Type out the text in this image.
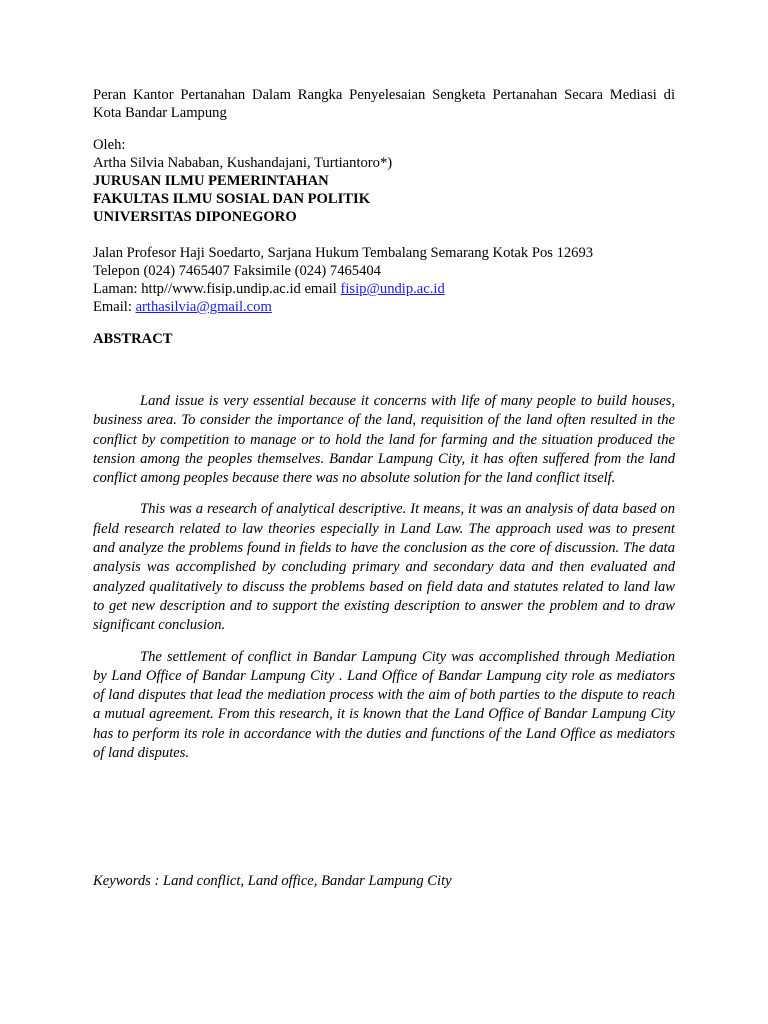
Peran Kantor Pertanahan Dalam Rangka Penyelesaian Sengketa Pertanahan Secara Mediasi di Kota Bandar Lampung

Oleh:
Artha Silvia Nababan, Kushandajani, Turtiantoro*)
JURUSAN ILMU PEMERINTAHAN
FAKULTAS ILMU SOSIAL DAN POLITIK
UNIVERSITAS DIPONEGORO
Jalan Profesor Haji Soedarto, Sarjana Hukum Tembalang Semarang Kotak Pos 12693
Telepon (024) 7465407 Faksimile (024) 7465404
Laman: http//www.fisip.undip.ac.id email fisip@undip.ac.id
Email: arthasilvia@gmail.com
ABSTRACT

Land issue is very essential because it concerns with life of many people to build houses, business area. To consider the importance of the land, requisition of the land often resulted in the conflict by competition to manage or to hold the land for farming and the situation produced the tension among the peoples themselves. Bandar Lampung City, it has often suffered from the land conflict among peoples because there was no absolute solution for the land conflict itself.

This was a research of analytical descriptive. It means, it was an analysis of data based on field research related to law theories especially in Land Law. The approach used was to present and analyze the problems found in fields to have the conclusion as the core of discussion. The data analysis was accomplished by concluding primary and secondary data and then evaluated and analyzed qualitatively to discuss the problems based on field data and statutes related to land law to get new description and to support the existing description to answer the problem and to draw significant conclusion.

The settlement of conflict in Bandar Lampung City was accomplished through Mediation by Land Office of Bandar Lampung City . Land Office of Bandar Lampung city role as mediators of land disputes that lead the mediation process with the aim of both parties to the dispute to reach a mutual agreement. From this research, it is known that the Land Office of Bandar Lampung City has to perform its role in accordance with the duties and functions of the Land Office as mediators of land disputes.

Keywords : Land conflict, Land office, Bandar Lampung City
